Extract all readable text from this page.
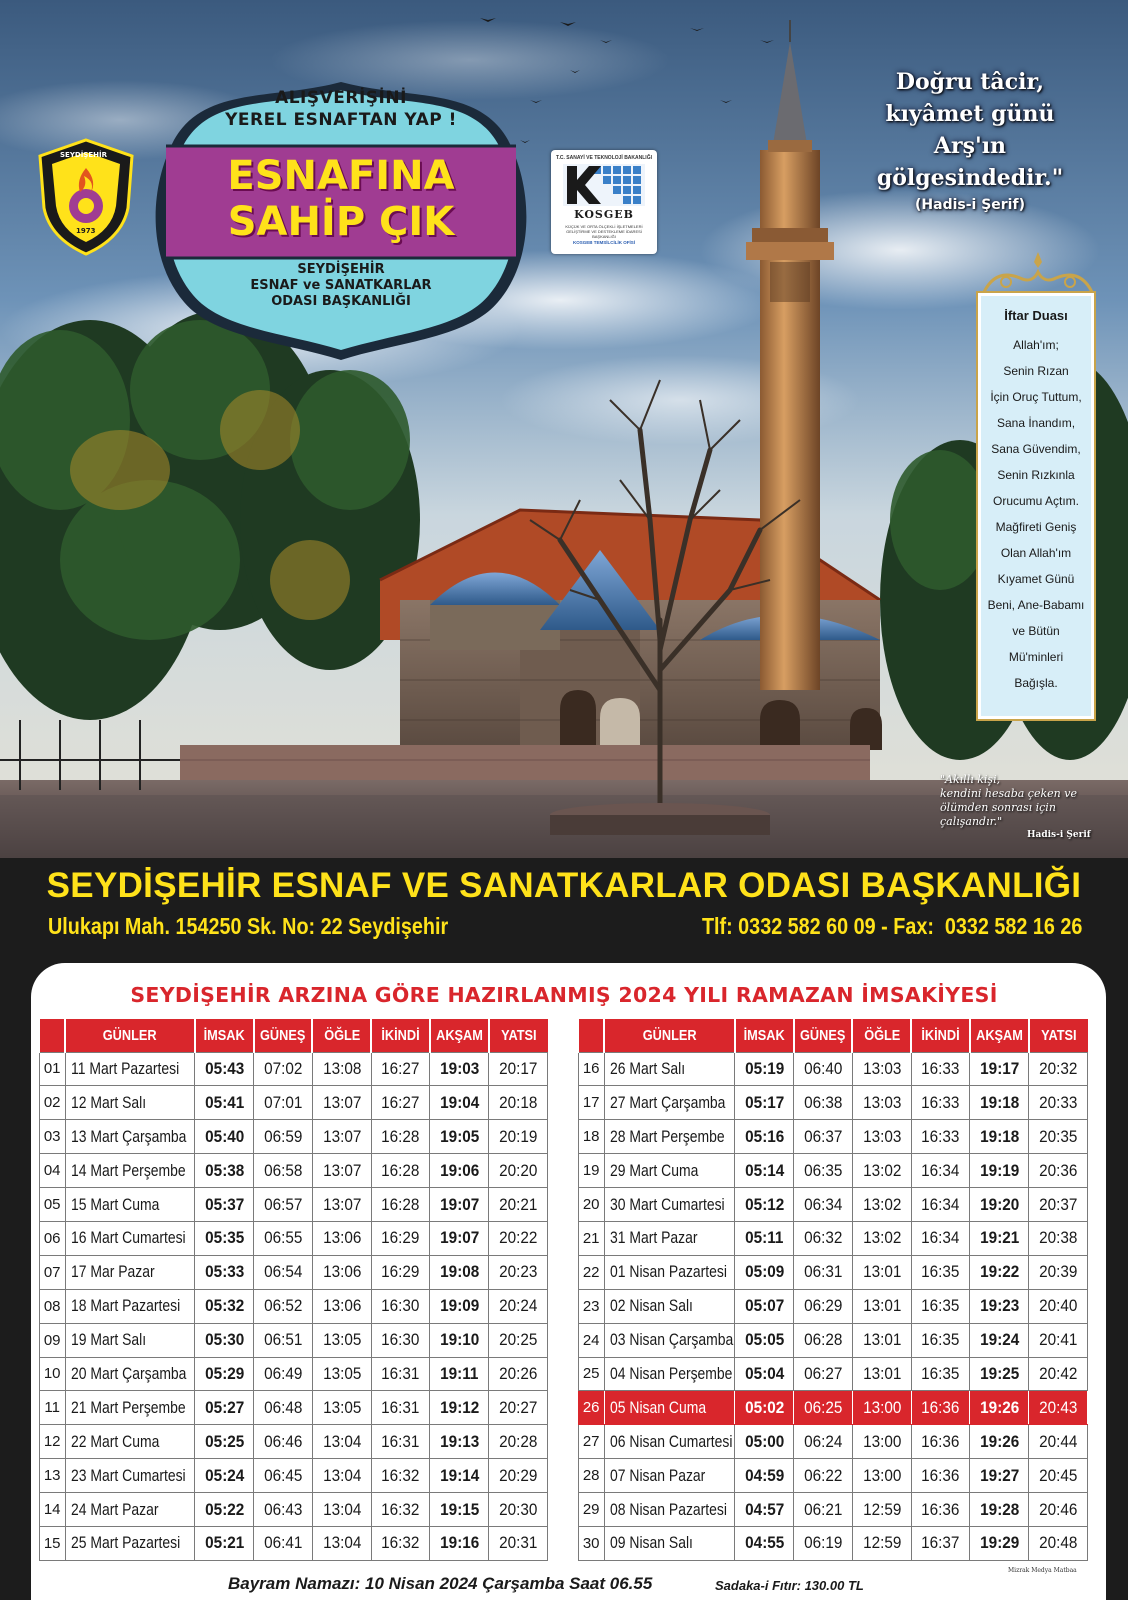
ALIŞVERİŞİNİ
YEREL ESNAFTAN YAP !
ESNAFINA
SAHİP ÇIK
SEYDİŞEHİR
ESNAF ve SANATKARLAR
ODASI BAŞKANLIĞI
SEYDİŞEHİR
1973
T.C. SANAYİ VE TEKNOLOJİ BAKANLIĞI
KOSGEB
KÜÇÜK VE ORTA ÖLÇEKLİ İŞLETMELERİ GELİŞTİRME VE DESTEKLEME İDARESİ BAŞKANLIĞI
KOSGEB TEMSİLCİLİK OFİSİ
Doğru tâcir,
kıyâmet günü
Arş'ın gölgesindedir."
(Hadis-i Şerif)
İftar Duası
Allah'ım;
Senin Rızan
İçin Oruç Tuttum,
Sana İnandım,
Sana Güvendim,
Senin Rızkınla
Orucumu Açtım.
Mağfireti Geniş
Olan Allah'ım
Kıyamet Günü
Beni, Ane-Babamı
ve Bütün
Mü'minleri
Bağışla.
"Akıllı kişi,
kendini hesaba çeken ve
ölümden sonrası için
çalışandır."
Hadis-i Şerif
SEYDİŞEHİR ESNAF VE SANATKARLAR ODASI BAŞKANLIĞI
Ulukapı Mah. 154250 Sk. No: 22 Seydişehir	Tlf: 0332 582 60 09 - Fax:  0332 582 16 26
SEYDİŞEHİR ARZINA GÖRE HAZIRLANMIŞ 2024 YILI RAMAZAN İMSAKİYESİ
	GÜNLER	İMSAK	GÜNEŞ	ÖĞLE	İKİNDİ	AKŞAM	YATSI
01	11 Mart Pazartesi	05:43	07:02	13:08	16:27	19:03	20:17
02	12 Mart Salı	05:41	07:01	13:07	16:27	19:04	20:18
03	13 Mart Çarşamba	05:40	06:59	13:07	16:28	19:05	20:19
04	14 Mart Perşembe	05:38	06:58	13:07	16:28	19:06	20:20
05	15 Mart Cuma	05:37	06:57	13:07	16:28	19:07	20:21
06	16 Mart Cumartesi	05:35	06:55	13:06	16:29	19:07	20:22
07	17 Mar Pazar	05:33	06:54	13:06	16:29	19:08	20:23
08	18 Mart Pazartesi	05:32	06:52	13:06	16:30	19:09	20:24
09	19 Mart Salı	05:30	06:51	13:05	16:30	19:10	20:25
10	20 Mart Çarşamba	05:29	06:49	13:05	16:31	19:11	20:26
11	21 Mart Perşembe	05:27	06:48	13:05	16:31	19:12	20:27
12	22 Mart Cuma	05:25	06:46	13:04	16:31	19:13	20:28
13	23 Mart Cumartesi	05:24	06:45	13:04	16:32	19:14	20:29
14	24 Mart Pazar	05:22	06:43	13:04	16:32	19:15	20:30
15	25 Mart Pazartesi	05:21	06:41	13:04	16:32	19:16	20:31
	GÜNLER	İMSAK	GÜNEŞ	ÖĞLE	İKİNDİ	AKŞAM	YATSI
16	26 Mart Salı	05:19	06:40	13:03	16:33	19:17	20:32
17	27 Mart Çarşamba	05:17	06:38	13:03	16:33	19:18	20:33
18	28 Mart Perşembe	05:16	06:37	13:03	16:33	19:18	20:35
19	29 Mart Cuma	05:14	06:35	13:02	16:34	19:19	20:36
20	30 Mart Cumartesi	05:12	06:34	13:02	16:34	19:20	20:37
21	31 Mart Pazar	05:11	06:32	13:02	16:34	19:21	20:38
22	01 Nisan Pazartesi	05:09	06:31	13:01	16:35	19:22	20:39
23	02 Nisan Salı	05:07	06:29	13:01	16:35	19:23	20:40
24	03 Nisan Çarşamba	05:05	06:28	13:01	16:35	19:24	20:41
25	04 Nisan Perşembe	05:04	06:27	13:01	16:35	19:25	20:42
26	05 Nisan Cuma	05:02	06:25	13:00	16:36	19:26	20:43
27	06 Nisan Cumartesi	05:00	06:24	13:00	16:36	19:26	20:44
28	07 Nisan Pazar	04:59	06:22	13:00	16:36	19:27	20:45
29	08 Nisan Pazartesi	04:57	06:21	12:59	16:36	19:28	20:46
30	09 Nisan Salı	04:55	06:19	12:59	16:37	19:29	20:48
Bayram Namazı: 10 Nisan 2024 Çarşamba Saat 06.55	Sadaka-i Fıtır: 130.00 TL
Mizrak Medya Matbaa
